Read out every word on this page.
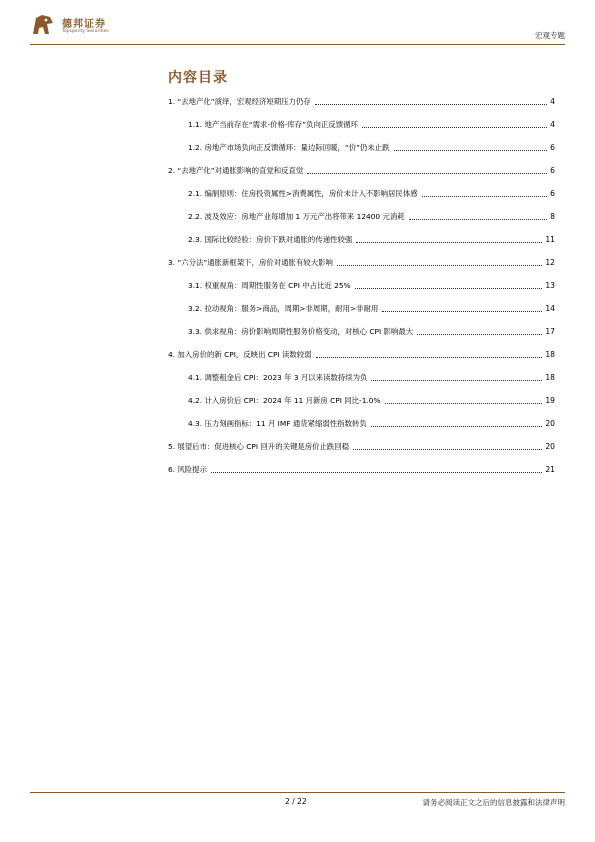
德邦证券
Topsperity Securities	宏观专题
内容目录
1. “去地产化”演绎，宏观经济短期压力仍存	4
1.1. 地产当前存在“需求-价格-库存”负向正反馈循环	4
1.2. 房地产市场负向正反馈循环：量边际回暖，“价”仍未止跌	6
2. “去地产化”对通胀影响的直觉和反直觉	6
2.1. 编制原则：住房投资属性>消费属性，房价未计入不影响居民体感	6
2.2. 波及效应：房地产业每增加 1 万元产出将带来 12400 元消耗	8
2.3. 国际比较经验：房价下跌对通胀的传递性较强	11
3. “六分法”通胀新框架下，房价对通胀有较大影响	12
3.1. 权重视角：周期性服务在 CPI 中占比近 25%	13
3.2. 拉动视角：服务>商品，周期>非周期，耐用>非耐用	14
3.3. 供求视角：房价影响周期性服务价格变动，对核心 CPI 影响最大	17
4. 加入房价的新 CPI，反映出 CPI 读数较弱	18
4.1. 调整租金后 CPI：2023 年 3 月以来读数持续为负	18
4.2. 计入房价后 CPI：2024 年 11 月新房 CPI 同比-1.0%	19
4.3. 压力刻画指标：11 月 IMF 通货紧缩弱性指数转负	20
5. 展望后市：促进核心 CPI 回升的关键是房价止跌回稳	20
6. 风险提示	21
2 / 22	请务必阅读正文之后的信息披露和法律声明
